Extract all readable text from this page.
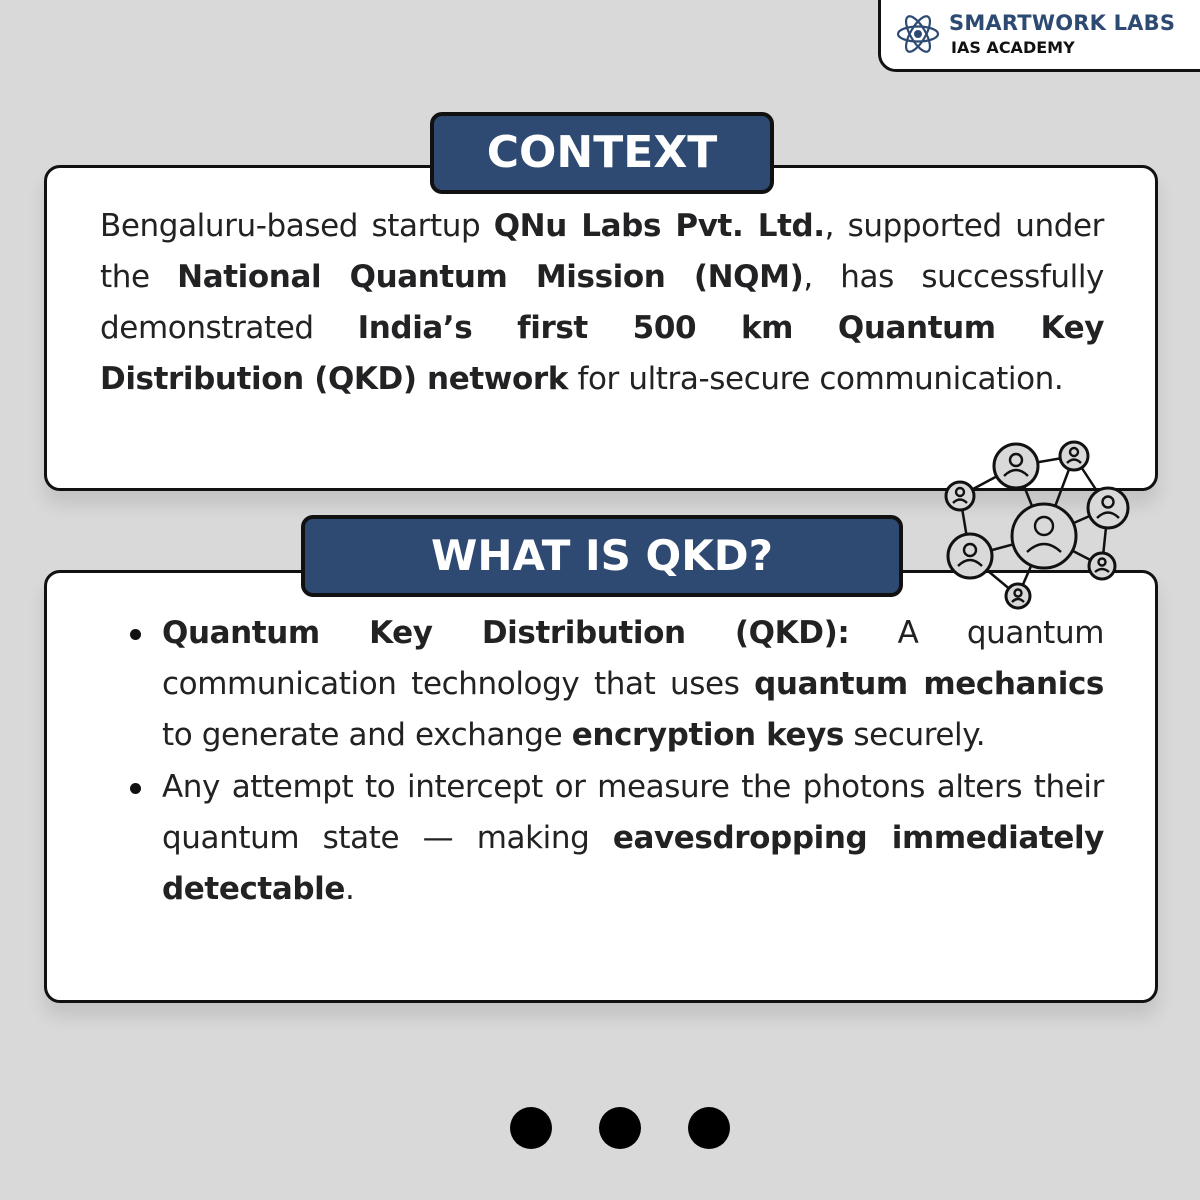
SMARTWORK LABS
IAS ACADEMY
CONTEXT
Bengaluru-based startup QNu Labs Pvt. Ltd., supported under the National Quantum Mission (NQM), has successfully demonstrated India’s first 500 km Quantum Key Distribution (QKD) network for ultra-secure communication.
WHAT IS QKD?
Quantum Key Distribution (QKD): A quantum communication technology that uses quantum mechanics to generate and exchange encryption keys securely.
Any attempt to intercept or measure the photons alters their quantum state — making eavesdropping immediately detectable.
